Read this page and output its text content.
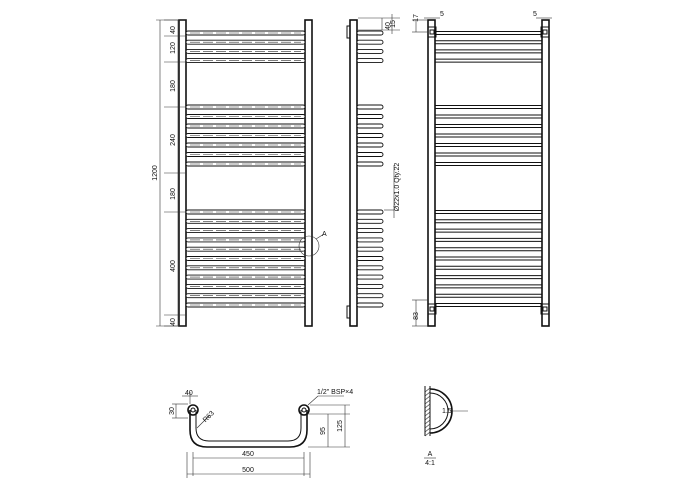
A
40
120
180
240
180
400
40
1200
15
40
Ø22x1.0 Qty.22
17	5	5
83
40
30	R63
1/2" BSP×4
95 125
450
500
1.5
A
4:1
